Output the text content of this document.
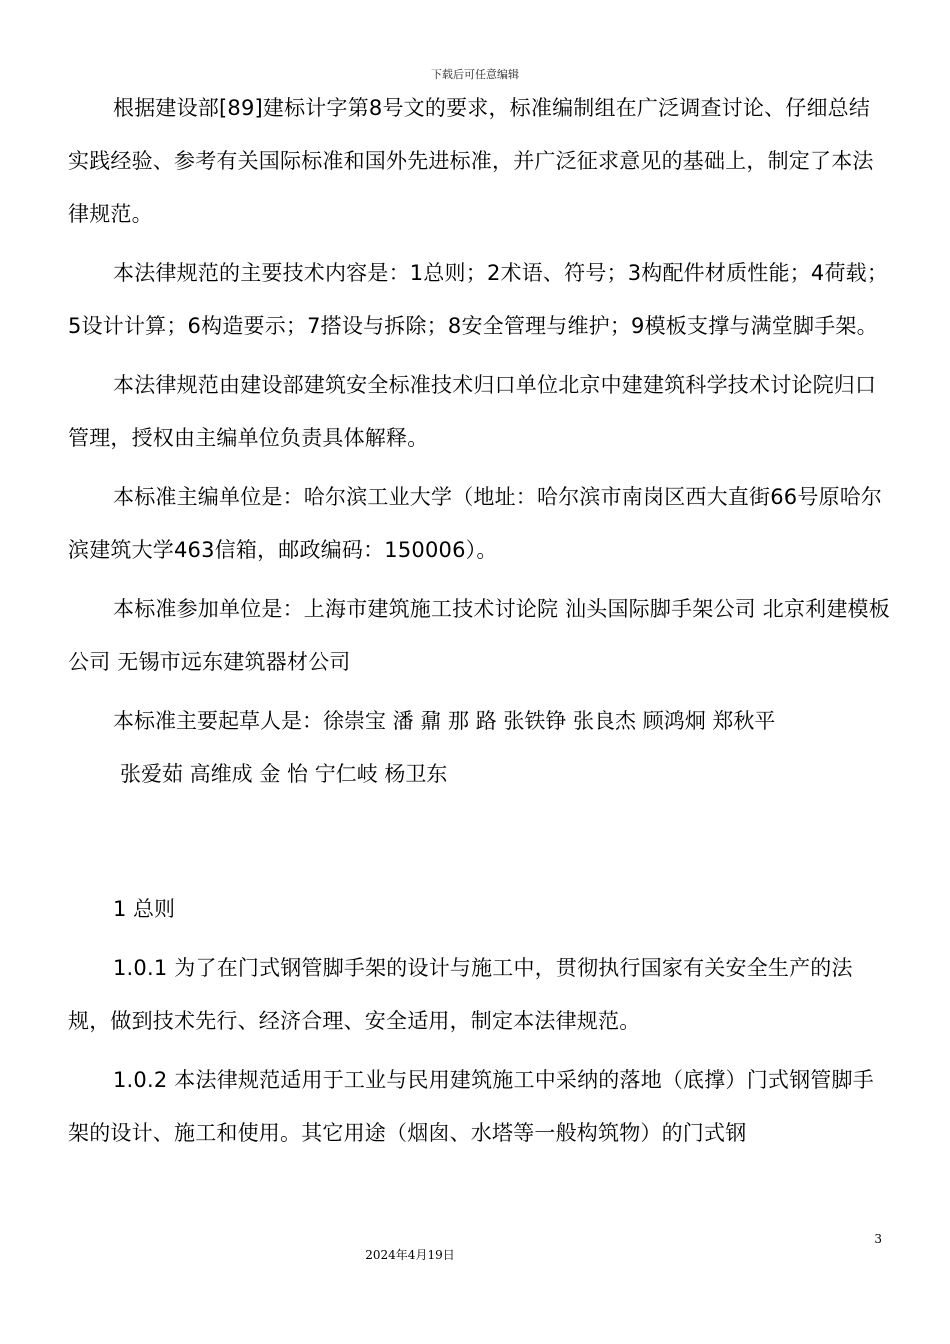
下载后可任意编辑

根据建设部[89]建标计字第8号文的要求，标准编制组在广泛调查讨论、仔细总结实践经验、参考有关国际标准和国外先进标准，并广泛征求意见的基础上，制定了本法律规范。

本法律规范的主要技术内容是：1总则；2术语、符号；3构配件材质性能；4荷载；5设计计算；6构造要示；7搭设与拆除；8安全管理与维护；9模板支撑与满堂脚手架。

本法律规范由建设部建筑安全标准技术归口单位北京中建建筑科学技术讨论院归口管理，授权由主编单位负责具体解释。

本标准主编单位是：哈尔滨工业大学（地址：哈尔滨市南岗区西大直街66号原哈尔滨建筑大学463信箱，邮政编码：150006）。

本标准参加单位是：上海市建筑施工技术讨论院 汕头国际脚手架公司 北京利建模板公司 无锡市远东建筑器材公司

本标准主要起草人是：徐崇宝 潘 鼐 那 路 张铁铮 张良杰 顾鸿炯 郑秋平

张爱茹 高维成 金 怡 宁仁岐 杨卫东

1 总则

1.0.1 为了在门式钢管脚手架的设计与施工中，贯彻执行国家有关安全生产的法规，做到技术先行、经济合理、安全适用，制定本法律规范。

1.0.2 本法律规范适用于工业与民用建筑施工中采纳的落地（底撑）门式钢管脚手架的设计、施工和使用。其它用途（烟囱、水塔等一般构筑物）的门式钢

3
2024年4月19日
